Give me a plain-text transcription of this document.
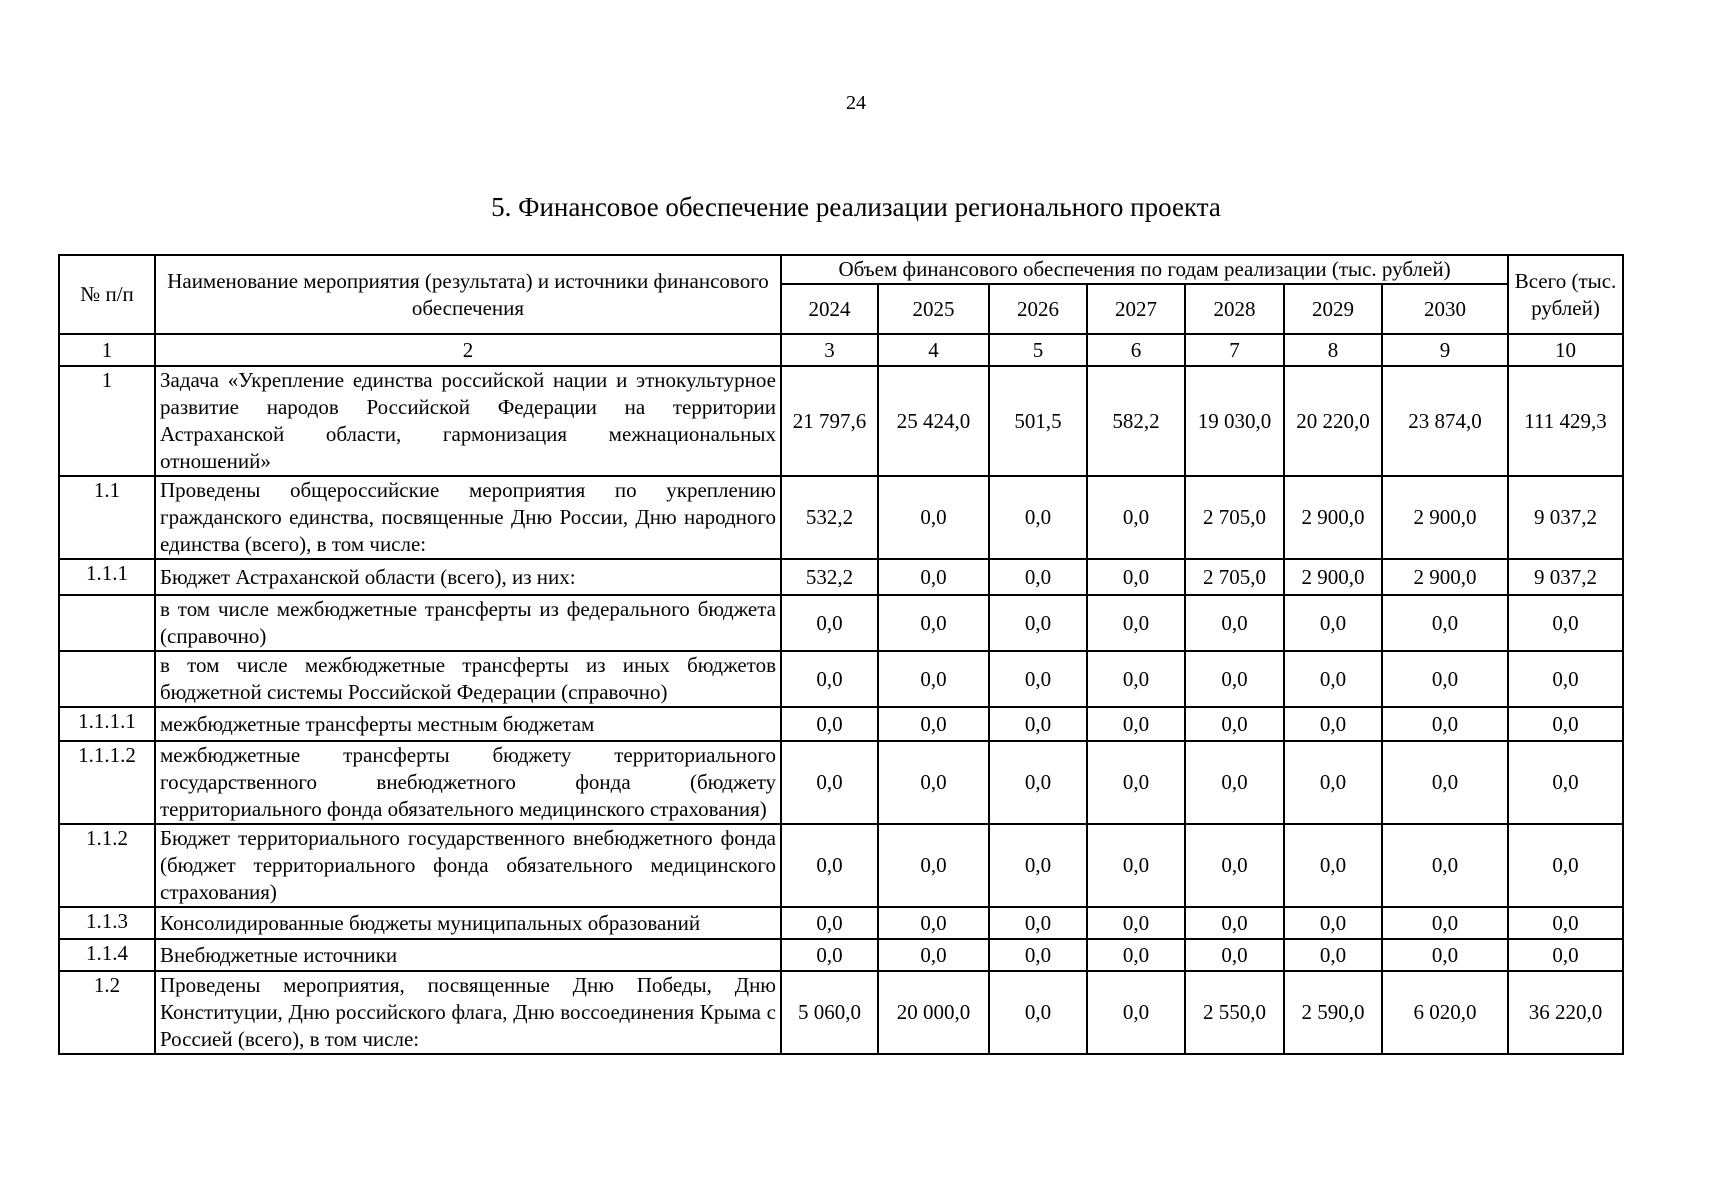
24
5. Финансовое обеспечение реализации регионального проекта
№ п/п	Наименование мероприятия (результата) и источники финансового обеспечения	Объем финансового обеспечения по годам реализации (тыс. рублей)							Всего (тыс. рублей)
		2024	2025	2026	2027	2028	2029	2030	
1	2	3	4	5	6	7	8	9	10
1	Задача «Укрепление единства российской нации и этнокультурное развитие народов Российской Федерации на территории Астраханской области, гармонизация межнациональных отношений»	21 797,6	25 424,0	501,5	582,2	19 030,0	20 220,0	23 874,0	111 429,3
1.1	Проведены общероссийские мероприятия по укреплению гражданского единства, посвященные Дню России, Дню народного единства (всего), в том числе:	532,2	0,0	0,0	0,0	2 705,0	2 900,0	2 900,0	9 037,2
1.1.1	Бюджет Астраханской области (всего), из них:	532,2	0,0	0,0	0,0	2 705,0	2 900,0	2 900,0	9 037,2
	в том числе межбюджетные трансферты из федерального бюджета (справочно)	0,0	0,0	0,0	0,0	0,0	0,0	0,0	0,0
	в том числе межбюджетные трансферты из иных бюджетов бюджетной системы Российской Федерации (справочно)	0,0	0,0	0,0	0,0	0,0	0,0	0,0	0,0
1.1.1.1	межбюджетные трансферты местным бюджетам	0,0	0,0	0,0	0,0	0,0	0,0	0,0	0,0
1.1.1.2	межбюджетные трансферты бюджету территориального государственного внебюджетного фонда (бюджету территориального фонда обязательного медицинского страхования)	0,0	0,0	0,0	0,0	0,0	0,0	0,0	0,0
1.1.2	Бюджет территориального государственного внебюджетного фонда (бюджет территориального фонда обязательного медицинского страхования)	0,0	0,0	0,0	0,0	0,0	0,0	0,0	0,0
1.1.3	Консолидированные бюджеты муниципальных образований	0,0	0,0	0,0	0,0	0,0	0,0	0,0	0,0
1.1.4	Внебюджетные источники	0,0	0,0	0,0	0,0	0,0	0,0	0,0	0,0
1.2	Проведены мероприятия, посвященные Дню Победы, Дню Конституции, Дню российского флага, Дню воссоединения Крыма с Россией (всего), в том числе:	5 060,0	20 000,0	0,0	0,0	2 550,0	2 590,0	6 020,0	36 220,0
